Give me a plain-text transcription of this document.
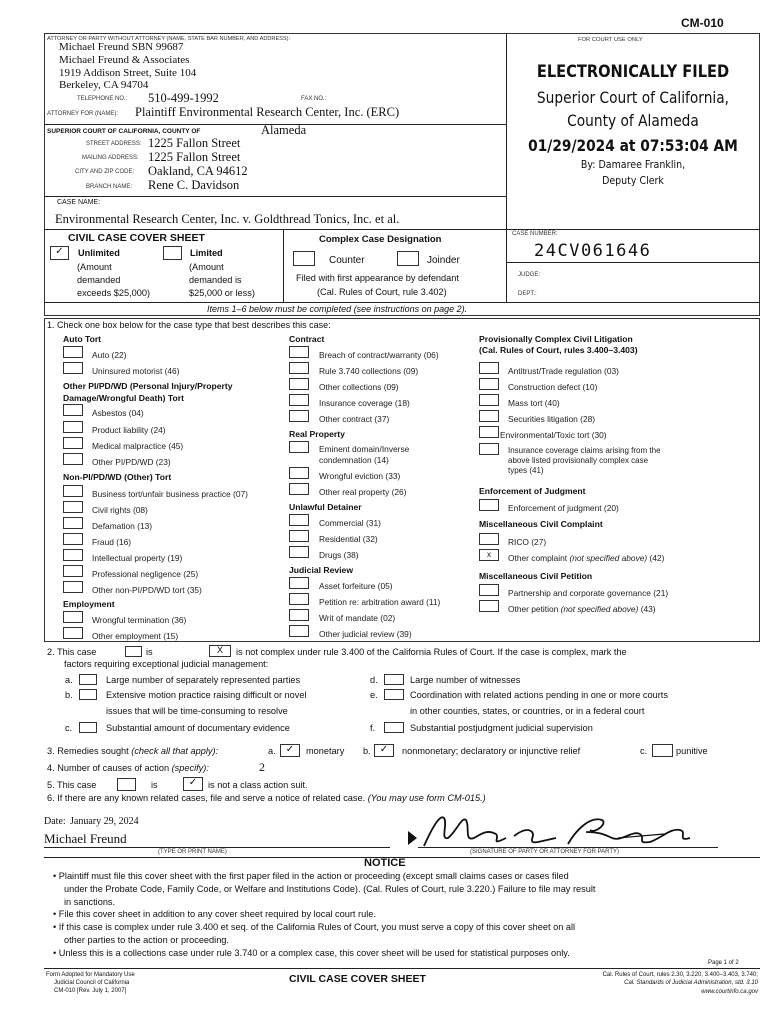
CM-010
ATTORNEY OR PARTY WITHOUT ATTORNEY (NAME, STATE BAR NUMBER, AND ADDRESS):
Michael Freund SBN 99687
Michael Freund & Associates
1919 Addison Street, Suite 104
Berkeley, CA 94704
TELEPHONE NO.: 510-499-1992	FAX NO.:
ATTORNEY FOR (NAME): Plaintiff Environmental Research Center, Inc. (ERC)
SUPERIOR COURT OF CALIFORNIA, COUNTY OF	Alameda
STREET ADDRESS: 1225 Fallon Street
MAILING ADDRESS: 1225 Fallon Street
CITY AND ZIP CODE: Oakland, CA 94612
BRANCH NAME: Rene C. Davidson
CASE NAME:
Environmental Research Center, Inc. v. Goldthread Tonics, Inc. et al.
FOR COURT USE ONLY
ELECTRONICALLY FILED
Superior Court of California,
County of Alameda
01/29/2024 at 07:53:04 AM
By: Damaree Franklin,
Deputy Clerk
CIVIL CASE COVER SHEET
✓	Unlimited
(Amount
demanded
exceeds $25,000)
Limited
(Amount
demanded is
$25,000 or less)
Complex Case Designation
Counter	Joinder
Filed with first appearance by defendant
(Cal. Rules of Court, rule 3.402)
CASE NUMBER:
24CV061646
JUDGE:
DEPT.:
Items 1–6 below must be completed (see instructions on page 2).
1. Check one box below for the case type that best describes this case:
Auto Tort
Auto (22)
Uninsured motorist (46)
Other PI/PD/WD (Personal Injury/Property
Damage/Wrongful Death) Tort
Asbestos (04)
Product liability (24)
Medical malpractice (45)
Other PI/PD/WD (23)
Non-PI/PD/WD (Other) Tort
Business tort/unfair business practice (07)
Civil rights (08)
Defamation (13)
Fraud (16)
Intellectual property (19)
Professional negligence (25)
Other non-PI/PD/WD tort (35)
Employment
Wrongful termination (36)
Other employment (15)
Contract
Breach of contract/warranty (06)
Rule 3.740 collections (09)
Other collections (09)
Insurance coverage (18)
Other contract (37)
Real Property
Eminent domain/Inverse
condemnation (14)
Wrongful eviction (33)
Other real property (26)
Unlawful Detainer
Commercial (31)
Residential (32)
Drugs (38)
Judicial Review
Asset forfeiture (05)
Petition re: arbitration award (11)
Writ of mandate (02)
Other judicial review (39)
Provisionally Complex Civil Litigation
(Cal. Rules of Court, rules 3.400–3.403)
Antitrust/Trade regulation (03)
Construction defect (10)
Mass tort (40)
Securities litigation (28)
Environmental/Toxic tort (30)
Insurance coverage claims arising from the
above listed provisionally complex case
types (41)
Enforcement of Judgment
Enforcement of judgment (20)
Miscellaneous Civil Complaint
RICO (27)
x	Other complaint (not specified above) (42)
Miscellaneous Civil Petition
Partnership and corporate governance (21)
Other petition (not specified above) (43)
2. This case	is	X	is not complex under rule 3.400 of the California Rules of Court. If the case is complex, mark the
factors requiring exceptional judicial management:
a.	Large number of separately represented parties
b.	Extensive motion practice raising difficult or novel
issues that will be time-consuming to resolve
c.	Substantial amount of documentary evidence
d.	Large number of witnesses
e.	Coordination with related actions pending in one or more courts
in other counties, states, or countries, or in a federal court
f.	Substantial postjudgment judicial supervision
3. Remedies sought (check all that apply):	a.	✓	monetary b. ✓	nonmonetary; declaratory or injunctive relief	c.	punitive
4. Number of causes of action (specify):	2
5. This case	is	✓	is not a class action suit.
6. If there are any known related cases, file and serve a notice of related case. (You may use form CM-015.)
Date: January 29, 2024
Michael Freund
(TYPE OR PRINT NAME)	(SIGNATURE OF PARTY OR ATTORNEY FOR PARTY)
NOTICE
• Plaintiff must file this cover sheet with the first paper filed in the action or proceeding (except small claims cases or cases filed
under the Probate Code, Family Code, or Welfare and Institutions Code). (Cal. Rules of Court, rule 3.220.) Failure to file may result
in sanctions.
• File this cover sheet in addition to any cover sheet required by local court rule.
• If this case is complex under rule 3.400 et seq. of the California Rules of Court, you must serve a copy of this cover sheet on all
other parties to the action or proceeding.
• Unless this is a collections case under rule 3.740 or a complex case, this cover sheet will be used for statistical purposes only.
Page 1 of 2
Form Adopted for Mandatory Use
Judicial Council of California
CM-010 [Rev. July 1, 2007]
CIVIL CASE COVER SHEET	Cal. Rules of Court, rules 2.30, 3.220, 3.400–3.403, 3.740;
Cal. Standards of Judicial Administration, std. 3.10
www.courtinfo.ca.gov
